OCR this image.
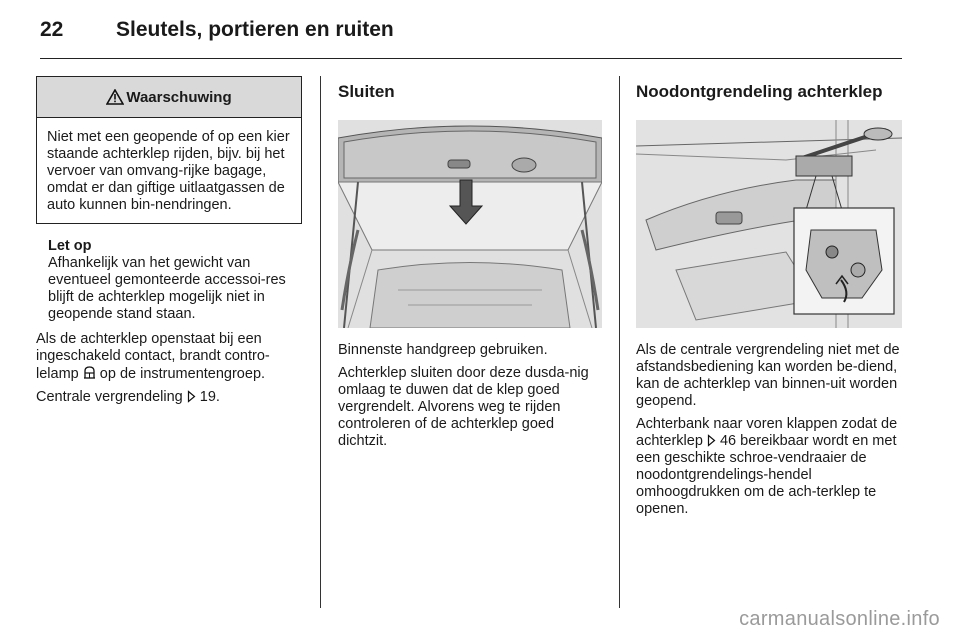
22	Sleutels, portieren en ruiten
Waarschuwing
Niet met een geopende of op een kier staande achterklep rijden, bijv. bij het vervoer van omvang-rijke bagage, omdat er dan giftige uitlaatgassen de auto kunnen bin-nendringen.
Let op
Afhankelijk van het gewicht van eventueel gemonteerde accessoi-res blijft de achterklep mogelijk niet in geopende stand staan.

Als de achterklep openstaat bij een ingeschakeld contact, brandt contro-lelamp op de instrumentengroep.

Centrale vergrendeling 19.

Sluiten

Binnenste handgreep gebruiken.

Achterklep sluiten door deze dusda-nig omlaag te duwen dat de klep goed vergrendelt. Alvorens weg te rijden controleren of de achterklep goed dichtzit.

Noodontgrendeling achterklep

Als de centrale vergrendeling niet met de afstandsbediening kan worden be-diend, kan de achterklep van binnen-uit worden geopend.

Achterbank naar voren klappen zodat de achterklep 46 bereikbaar wordt en met een geschikte schroe-vendraaier de noodontgrendelings-hendel omhoogdrukken om de ach-terklep te openen.

carmanualsonline.info
